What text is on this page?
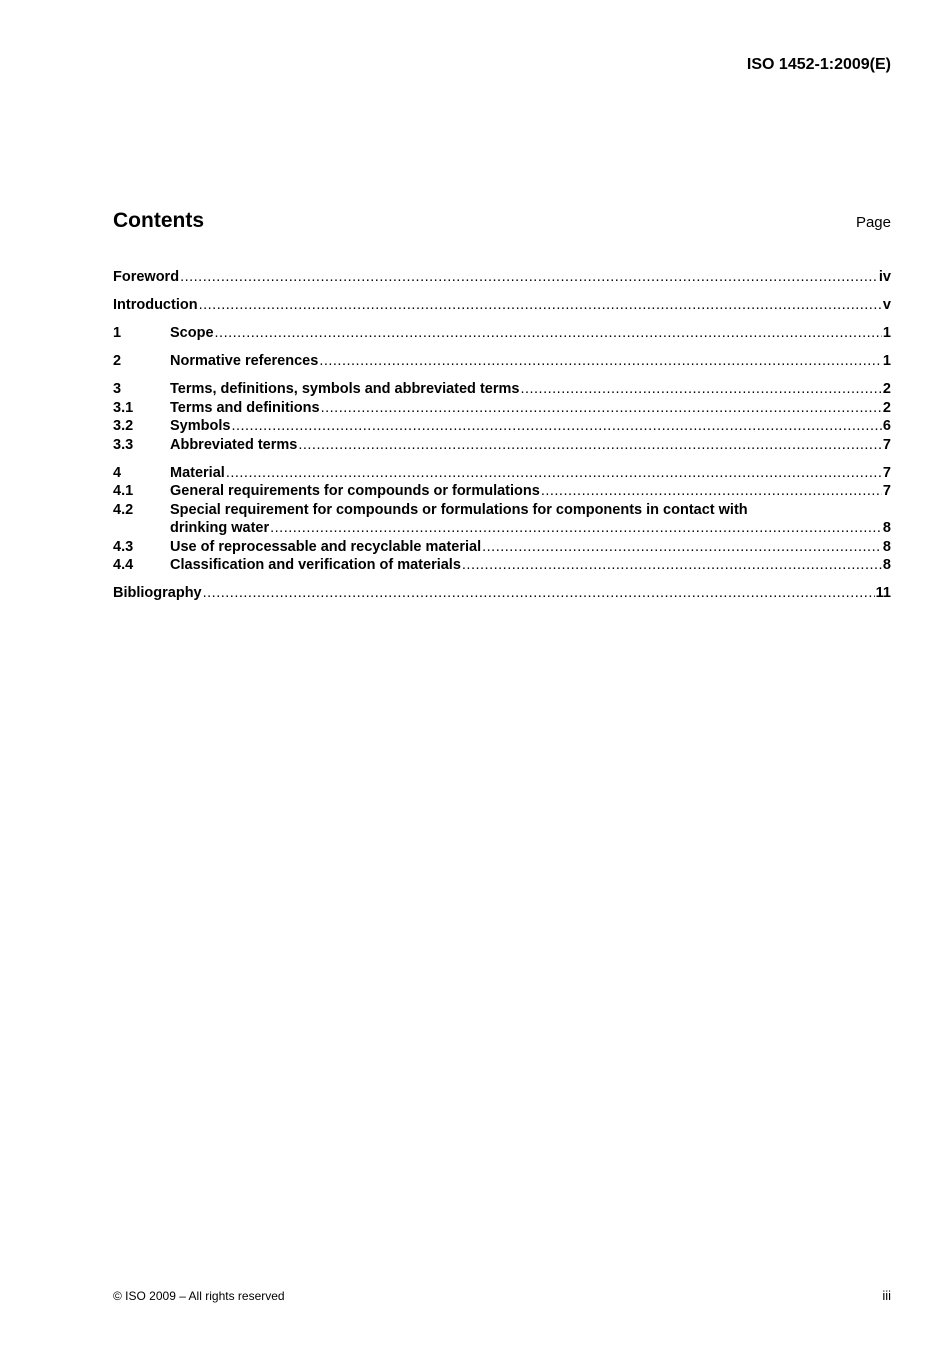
ISO 1452-1:2009(E)
Contents	Page
Foreword .....	iv
Introduction .....	v
1	Scope .....	1
2	Normative references .....	1
3	Terms, definitions, symbols and abbreviated terms .....	2
3.1	Terms and definitions .....	2
3.2	Symbols .....	6
3.3	Abbreviated terms .....	7
4	Material .....	7
4.1	General requirements for compounds or formulations .....	7
4.2	Special requirement for compounds or formulations for components in contact with
drinking water .....	8
4.3	Use of reprocessable and recyclable material .....	8
4.4	Classification and verification of materials .....	8
Bibliography .....	11
© ISO 2009 – All rights reserved	iii
